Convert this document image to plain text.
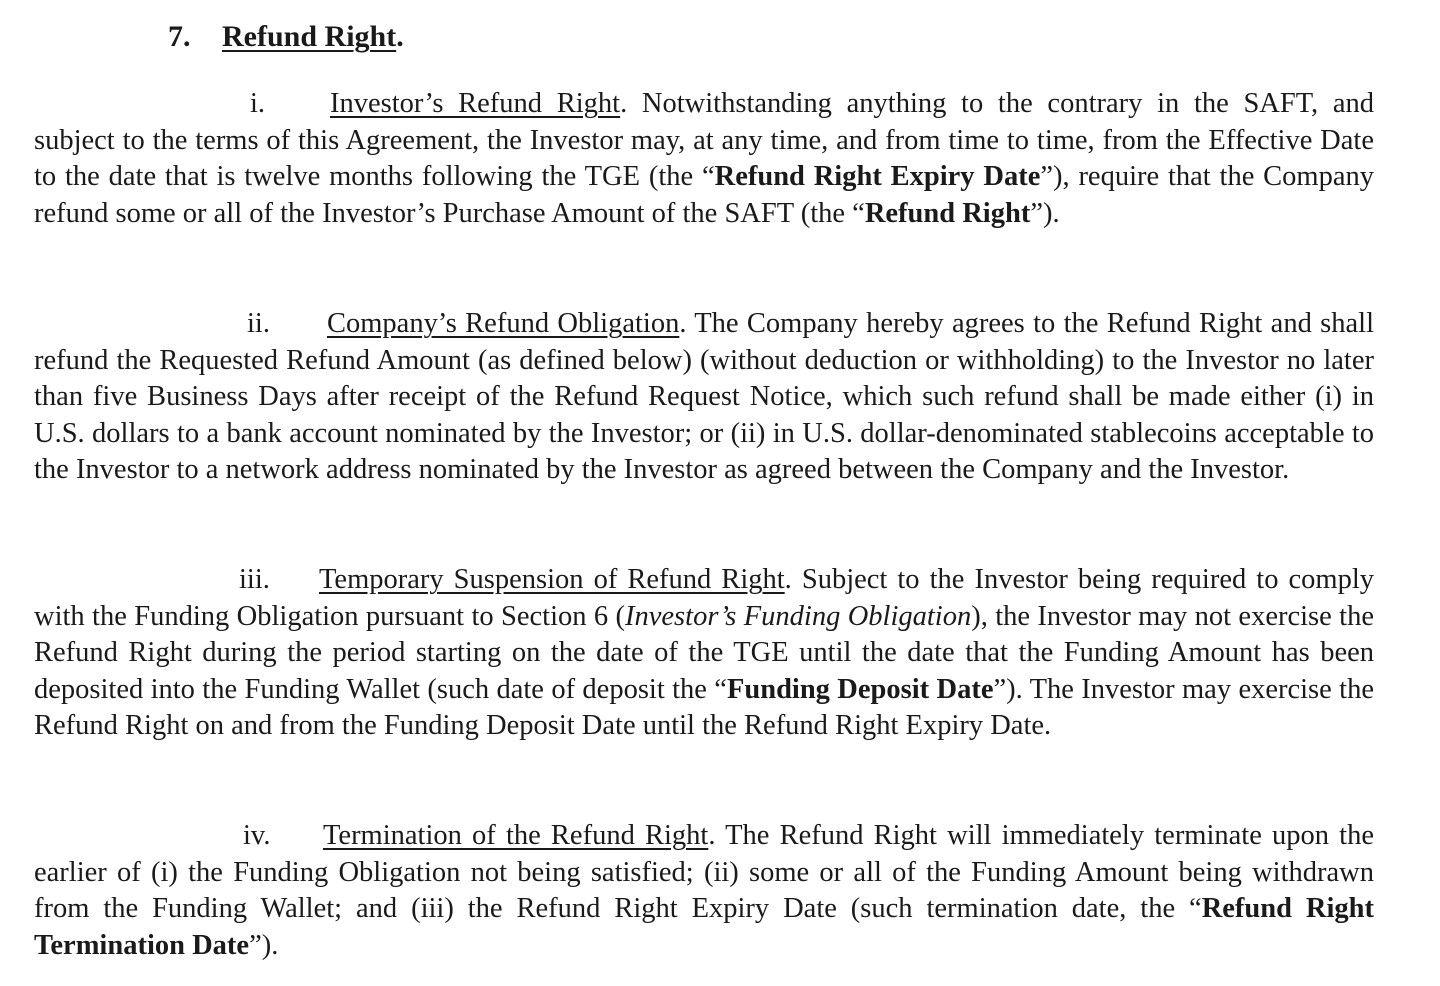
7. Refund Right.

i. Investor’s Refund Right. Notwithstanding anything to the contrary in the SAFT, and subject to the terms of this Agreement, the Investor may, at any time, and from time to time, from the Effective Date to the date that is twelve months following the TGE (the “Refund Right Expiry Date”), require that the Company refund some or all of the Investor’s Purchase Amount of the SAFT (the “Refund Right”).

ii. Company’s Refund Obligation. The Company hereby agrees to the Refund Right and shall refund the Requested Refund Amount (as defined below) (without deduction or withholding) to the Investor no later than five Business Days after receipt of the Refund Request Notice, which such refund shall be made either (i) in U.S. dollars to a bank account nominated by the Investor; or (ii) in U.S. dollar-denominated stablecoins acceptable to the Investor to a network address nominated by the Investor as agreed between the Company and the Investor.

iii. Temporary Suspension of Refund Right. Subject to the Investor being required to comply with the Funding Obligation pursuant to Section 6 (Investor’s Funding Obligation), the Investor may not exercise the Refund Right during the period starting on the date of the TGE until the date that the Funding Amount has been deposited into the Funding Wallet (such date of deposit the “Funding Deposit Date”). The Investor may exercise the Refund Right on and from the Funding Deposit Date until the Refund Right Expiry Date.

iv. Termination of the Refund Right. The Refund Right will immediately terminate upon the earlier of (i) the Funding Obligation not being satisfied; (ii) some or all of the Funding Amount being withdrawn from the Funding Wallet; and (iii) the Refund Right Expiry Date (such termination date, the “Refund Right Termination Date”).
